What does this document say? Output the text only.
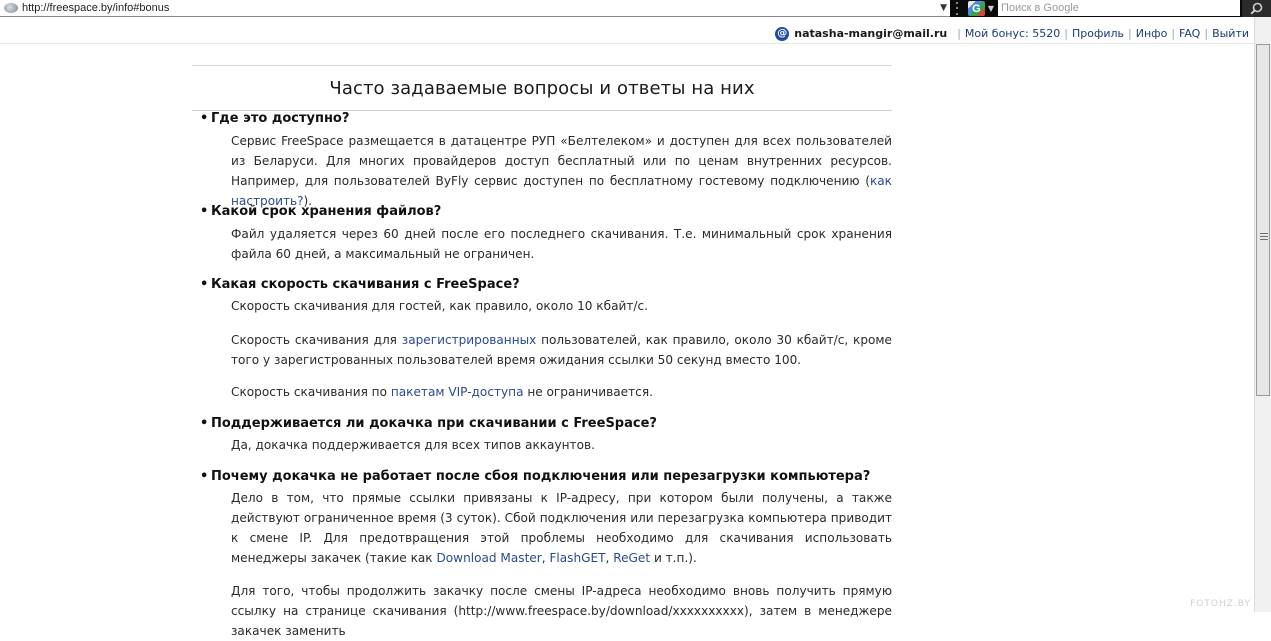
http://freespace.by/info#bonus	▼	G ▼
Поиск в Google
@ natasha-mangir@mail.ru | Мой бонус: 5520 | Профиль | Инфо | FAQ | Выйти
Часто задаваемые вопросы и ответы на них
• Где это доступно?
Сервис FreeSpace размещается в датацентре РУП «Белтелеком» и доступен для всех пользователей из Беларуси. Для многих провайдеров доступ бесплатный или по ценам внутренних ресурсов. Например, для пользователей ByFly сервис доступен по бесплатному гостевому подключению (как настроить?).
• Какой срок хранения файлов?
Файл удаляется через 60 дней после его последнего скачивания. Т.е. минимальный срок хранения файла 60 дней, а максимальный не ограничен.
• Какая скорость скачивания с FreeSpace?
Скорость скачивания для гостей, как правило, около 10 кбайт/с.
Скорость скачивания для зарегистрированных пользователей, как правило, около 30 кбайт/с, кроме того у зарегистрованных пользователей время ожидания ссылки 50 секунд вместо 100.
Скорость скачивания по пакетам VIP-доступа не ограничивается.
• Поддерживается ли докачка при скачивании с FreeSpace?
Да, докачка поддерживается для всех типов аккаунтов.
• Почему докачка не работает после сбоя подключения или перезагрузки компьютера?
Дело в том, что прямые ссылки привязаны к IP-адресу, при котором были получены, а также действуют ограниченное время (3 суток). Сбой подключения или перезагрузка компьютера приводит к смене IP. Для предотвращения этой проблемы необходимо для скачивания использовать менеджеры закачек (такие как Download Master, FlashGET, ReGet и т.п.).
Для того, чтобы продолжить закачку после смены IP-адреса необходимо вновь получить прямую ссылку на странице скачивания (http://www.freespace.by/download/xxxxxxxxxx), затем в менеджере закачек заменить
FOTOHZ.BY
